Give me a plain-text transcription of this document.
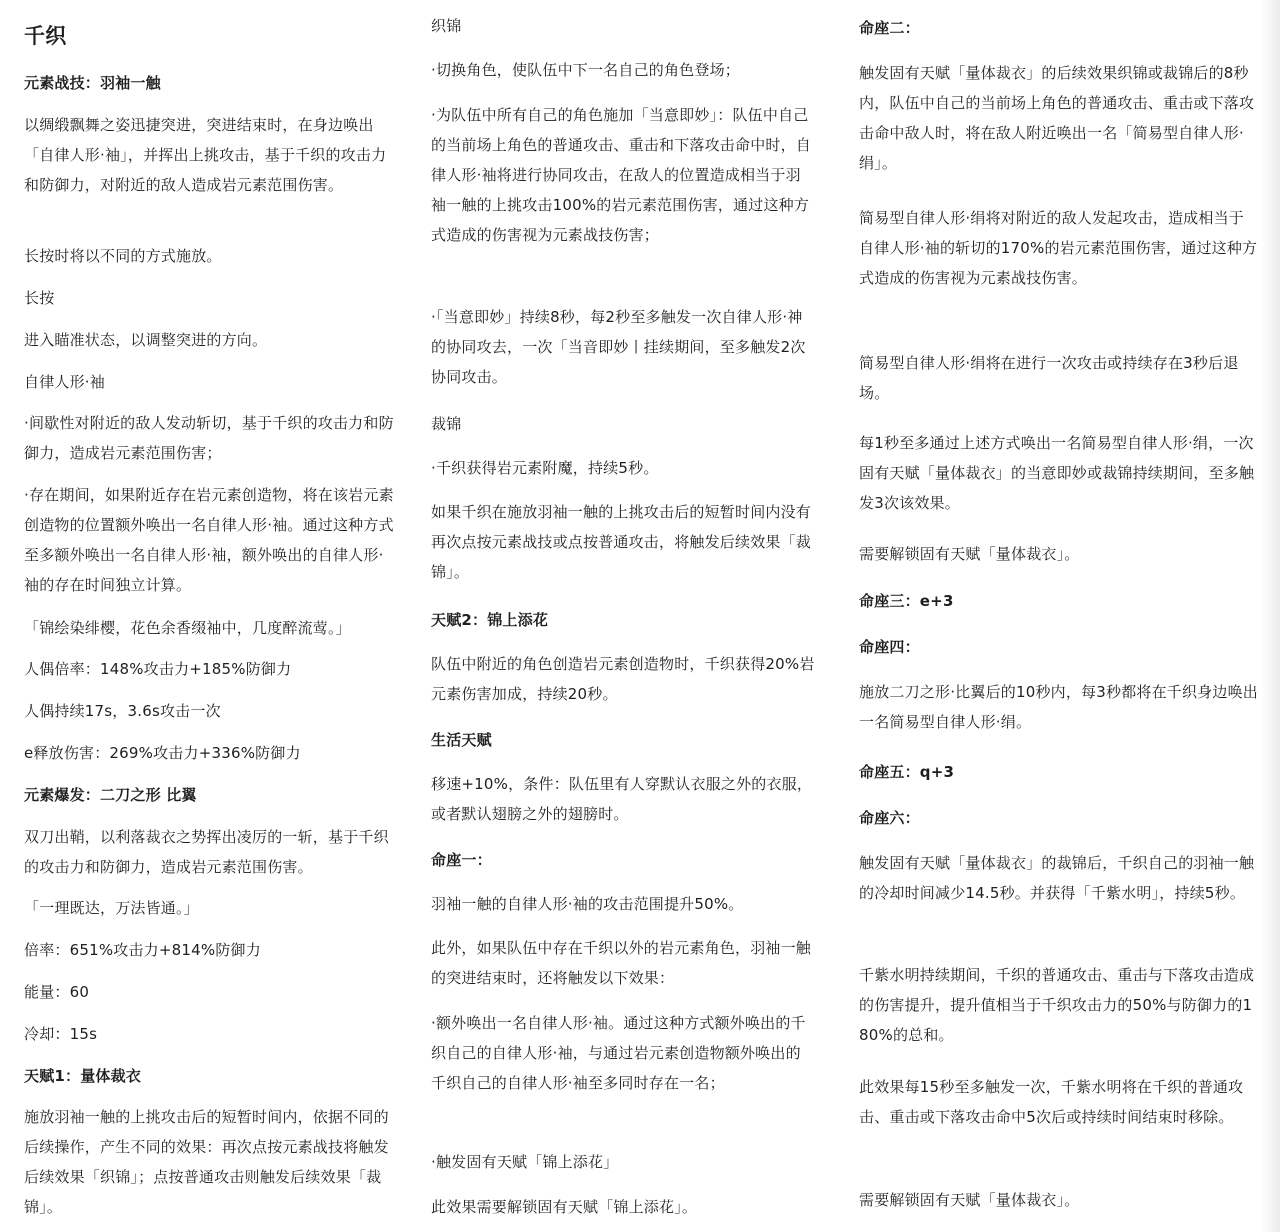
千织

元素战技：羽袖一触

以绸缎飘舞之姿迅捷突进，突进结束时，在身边唤出「自律人形·袖」，并挥出上挑攻击，基于千织的攻击力和防御力，对附近的敌人造成岩元素范围伤害。

长按时将以不同的方式施放。

长按

进入瞄准状态，以调整突进的方向。

自律人形·袖

·间歇性对附近的敌人发动斩切，基于千织的攻击力和防御力，造成岩元素范围伤害；

·存在期间，如果附近存在岩元素创造物，将在该岩元素创造物的位置额外唤出一名自律人形·袖。通过这种方式至多额外唤出一名自律人形·袖，额外唤出的自律人形·袖的存在时间独立计算。

「锦绘染绯樱，花色余香缀袖中，几度醉流莺。」

人偶倍率：148%攻击力+185%防御力

人偶持续17s，3.6s攻击一次

e释放伤害：269%攻击力+336%防御力

元素爆发：二刀之形 比翼

双刀出鞘，以利落裁衣之势挥出凌厉的一斩，基于千织的攻击力和防御力，造成岩元素范围伤害。

「一理既达，万法皆通。」

倍率：651%攻击力+814%防御力

能量：60

冷却：15s

天赋1：量体裁衣

施放羽袖一触的上挑攻击后的短暂时间内，依据不同的后续操作，产生不同的效果：再次点按元素战技将触发后续效果「织锦」；点按普通攻击则触发后续效果「裁锦」。

织锦

·切换角色，使队伍中下一名自己的角色登场；

·为队伍中所有自己的角色施加「当意即妙」：队伍中自己的当前场上角色的普通攻击、重击和下落攻击命中时，自律人形·袖将进行协同攻击，在敌人的位置造成相当于羽袖一触的上挑攻击100%的岩元素范围伤害，通过这种方式造成的伤害视为元素战技伤害；

·「当意即妙」持续8秒，每2秒至多触发一次自律人形·神的协同攻去，一次「当音即妙丨挂续期间，至多触发2次协同攻击。

裁锦

·千织获得岩元素附魔，持续5秒。

如果千织在施放羽袖一触的上挑攻击后的短暂时间内没有再次点按元素战技或点按普通攻击，将触发后续效果「裁锦」。

天赋2：锦上添花

队伍中附近的角色创造岩元素创造物时，千织获得20%岩元素伤害加成，持续20秒。

生活天赋

移速+10%，条件：队伍里有人穿默认衣服之外的衣服，或者默认翅膀之外的翅膀时。

命座一：

羽袖一触的自律人形·袖的攻击范围提升50%。

此外，如果队伍中存在千织以外的岩元素角色，羽袖一触的突进结束时，还将触发以下效果：

·额外唤出一名自律人形·袖。通过这种方式额外唤出的千织自己的自律人形·袖，与通过岩元素创造物额外唤出的千织自己的自律人形·袖至多同时存在一名；

·触发固有天赋「锦上添花」

此效果需要解锁固有天赋「锦上添花」。

命座二：

触发固有天赋「量体裁衣」的后续效果织锦或裁锦后的8秒内，队伍中自己的当前场上角色的普通攻击、重击或下落攻击命中敌人时，将在敌人附近唤出一名「简易型自律人形·绢」。

简易型自律人形·绢将对附近的敌人发起攻击，造成相当于自律人形·袖的斩切的170%的岩元素范围伤害，通过这种方式造成的伤害视为元素战技伤害。

简易型自律人形·绢将在进行一次攻击或持续存在3秒后退场。

每1秒至多通过上述方式唤出一名简易型自律人形·绢，一次固有天赋「量体裁衣」的当意即妙或裁锦持续期间，至多触发3次该效果。

需要解锁固有天赋「量体裁衣」。

命座三：e+3

命座四：

施放二刀之形·比翼后的10秒内，每3秒都将在千织身边唤出一名简易型自律人形·绢。

命座五：q+3

命座六：

触发固有天赋「量体裁衣」的裁锦后，千织自己的羽袖一触的冷却时间减少14.5秒。并获得「千紫水明」，持续5秒。

千紫水明持续期间，千织的普通攻击、重击与下落攻击造成的伤害提升，提升值相当于千织攻击力的50%与防御力的180%的总和。

此效果每15秒至多触发一次，千紫水明将在千织的普通攻击、重击或下落攻击命中5次后或持续时间结束时移除。

需要解锁固有天赋「量体裁衣」。
